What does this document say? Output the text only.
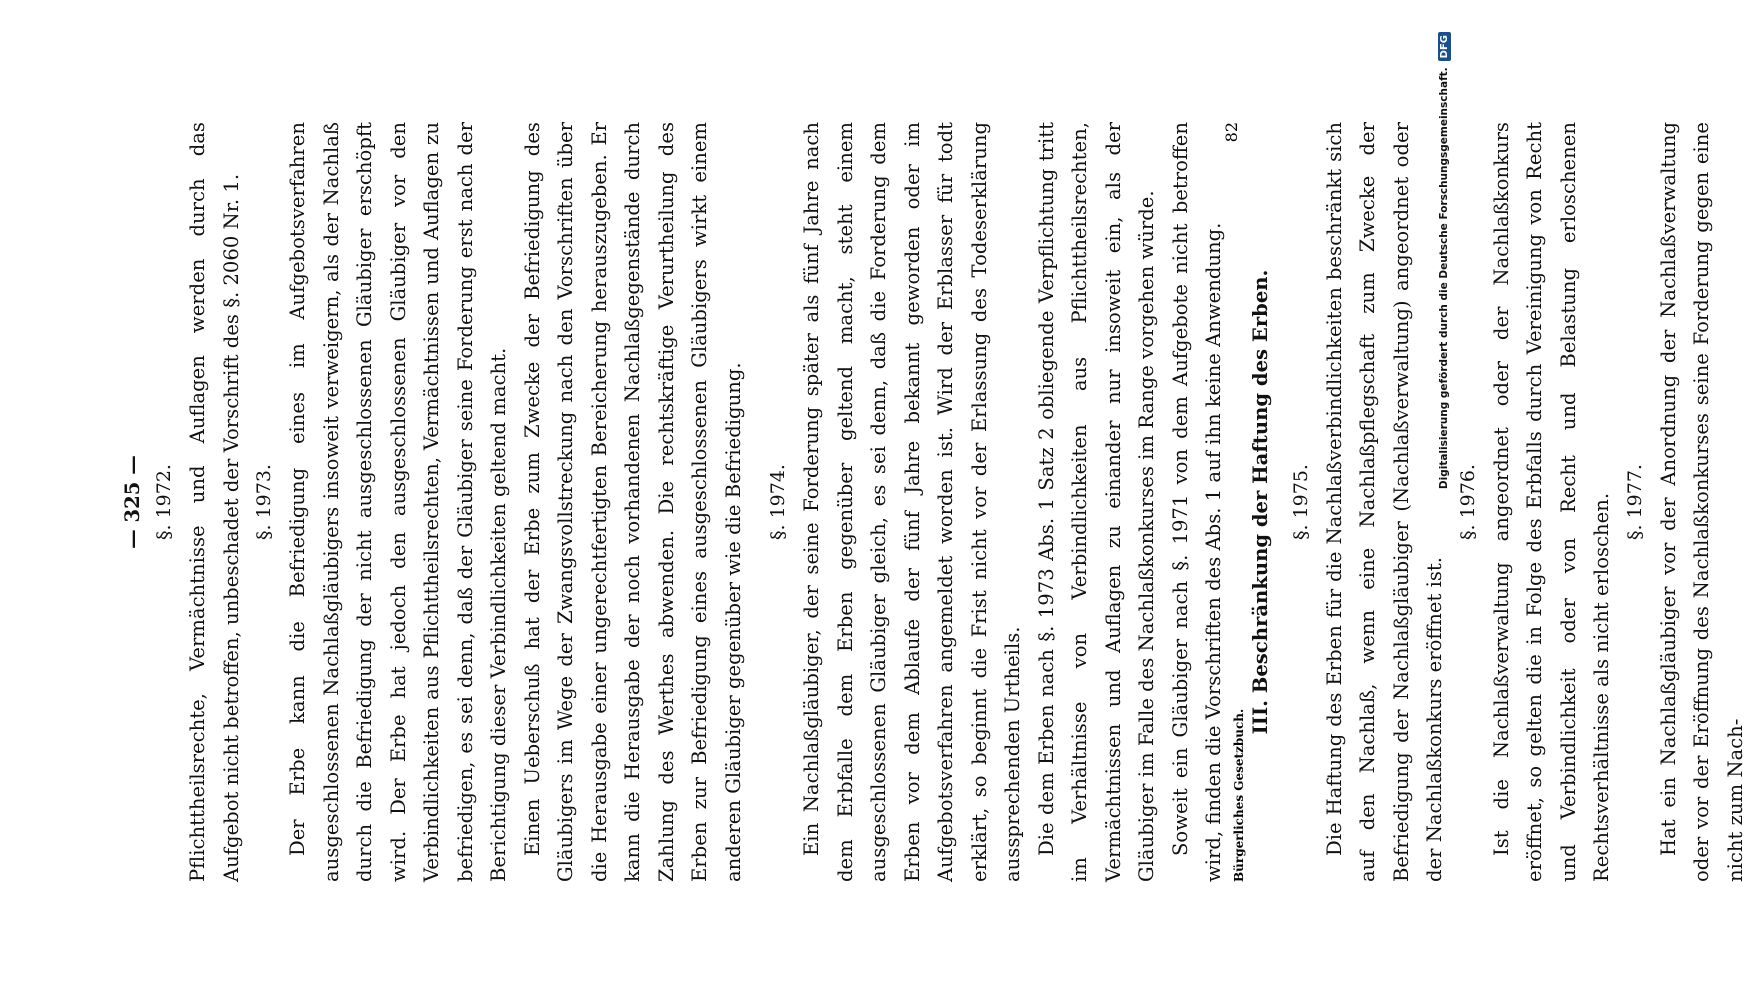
— 325 — §. 1972. Pflichttheilsrechte, Vermächtnisse und Auflagen werden durch das Aufgebot nicht betroffen, unbeschadet der Vorschrift des §. 2060 Nr. 1. §. 1973. Der Erbe kann die Befriedigung eines im Aufgebotsverfahren ausgeschlossenen Nachlaßgläubigers insoweit verweigern, als der Nachlaß durch die Befriedigung der nicht ausgeschlossenen Gläubiger erschöpft wird. Der Erbe hat jedoch den ausgeschlossenen Gläubiger vor den Verbindlichkeiten aus Pflichttheilsrechten, Vermächtnissen und Auflagen zu befriedigen, es sei denn, daß der Gläubiger seine Forderung erst nach der Berichtigung dieser Verbindlichkeiten geltend macht. Einen Ueberschuß hat der Erbe zum Zwecke der Befriedigung des Gläubigers im Wege der Zwangsvollstreckung nach den Vorschriften über die Herausgabe einer ungerechtfertigten Bereicherung herauszugeben. Er kann die Herausgabe der noch vorhandenen Nachlaßgegenstände durch Zahlung des Werthes abwenden. Die rechtskräftige Verurtheilung des Erben zur Befriedigung eines ausgeschlossenen Gläubigers wirkt einem anderen Gläubiger gegenüber wie die Befriedigung. §. 1974. Ein Nachlaßgläubiger, der seine Forderung später als fünf Jahre nach dem Erbfalle dem Erben gegenüber geltend macht, steht einem ausgeschlossenen Gläubiger gleich, es sei denn, daß die Forderung dem Erben vor dem Ablaufe der fünf Jahre bekannt geworden oder im Aufgebotsverfahren angemeldet worden ist. Wird der Erblasser für todt erklärt, so beginnt die Frist nicht vor der Erlassung des Todeserklärung aussprechenden Urtheils. Die dem Erben nach §. 1973 Abs. 1 Satz 2 obliegende Verpflichtung tritt im Verhältnisse von Verbindlichkeiten aus Pflichttheilsrechten, Vermächtnissen und Auflagen zu einander nur insoweit ein, als der Gläubiger im Falle des Nachlaßkonkurses im Range vorgehen würde. Soweit ein Gläubiger nach §. 1971 von dem Aufgebote nicht betroffen wird, finden die Vorschriften des Abs. 1 auf ihn keine Anwendung.	III. Beschränkung der Haftung des Erben. §. 1975. Die Haftung des Erben für die Nachlaßverbindlichkeiten beschränkt sich auf den Nachlaß, wenn eine Nachlaßpflegschaft zum Zwecke der Befriedigung der Nachlaßgläubiger (Nachlaßverwaltung) angeordnet oder der Nachlaßkonkurs eröffnet ist.

§. 1976. Ist die Nachlaßverwaltung angeordnet oder der Nachlaßkonkurs eröffnet, so gelten die in Folge des Erbfalls durch Vereinigung von Recht und Verbindlichkeit oder von Recht und Belastung erloschenen Rechtsverhältnisse als nicht erloschen. §. 1977. Hat ein Nachlaßgläubiger vor der Anordnung der Nachlaßverwaltung oder vor der Eröffnung des Nachlaßkonkurses seine Forderung gegen eine nicht zum Nach-

Bürgerliches Gesetzbuch.
82	Digitalisierung gefördert durch die Deutsche Forschungsgemeinschaft.
DFG
